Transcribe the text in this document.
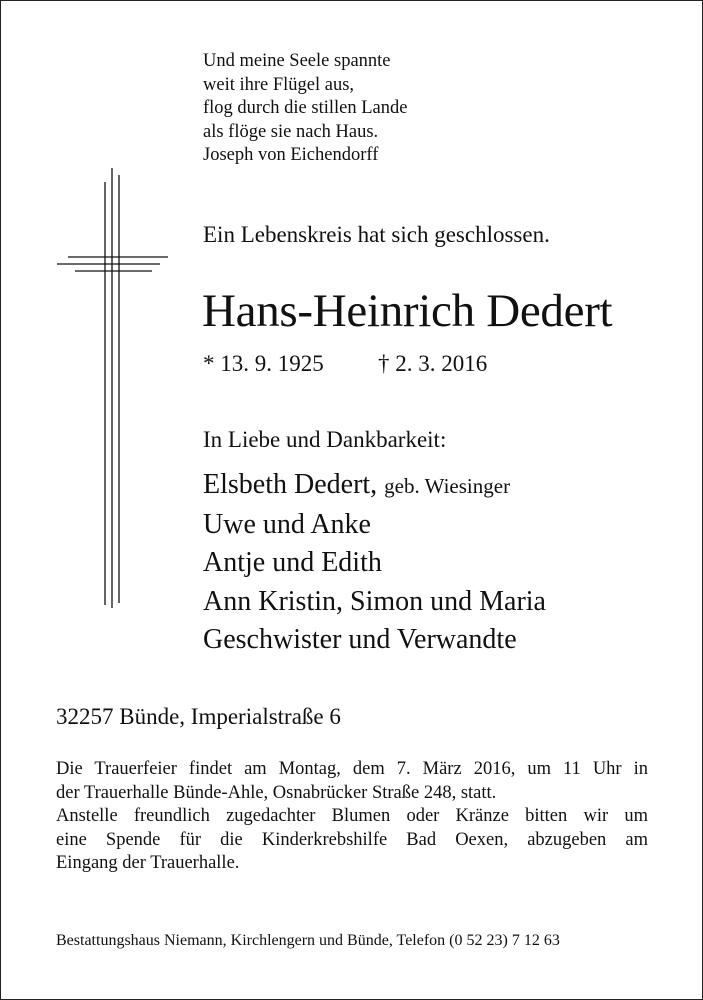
Und meine Seele spannte
weit ihre Flügel aus,
flog durch die stillen Lande
als flöge sie nach Haus.
Joseph von Eichendorff
Ein Lebenskreis hat sich geschlossen.
Hans-Heinrich Dedert
* 13. 9. 1925 † 2. 3. 2016
In Liebe und Dankbarkeit:
Elsbeth Dedert, geb. Wiesinger
Uwe und Anke
Antje und Edith
Ann Kristin, Simon und Maria
Geschwister und Verwandte
32257 Bünde, Imperialstraße 6
Die Trauerfeier findet am Montag, dem 7. März 2016, um 11 Uhr in
der Trauerhalle Bünde-Ahle, Osnabrücker Straße 248, statt.
Anstelle freundlich zugedachter Blumen oder Kränze bitten wir um
eine Spende für die Kinderkrebshilfe Bad Oexen, abzugeben am
Eingang der Trauerhalle.
Bestattungshaus Niemann, Kirchlengern und Bünde, Telefon (0 52 23) 7 12 63
